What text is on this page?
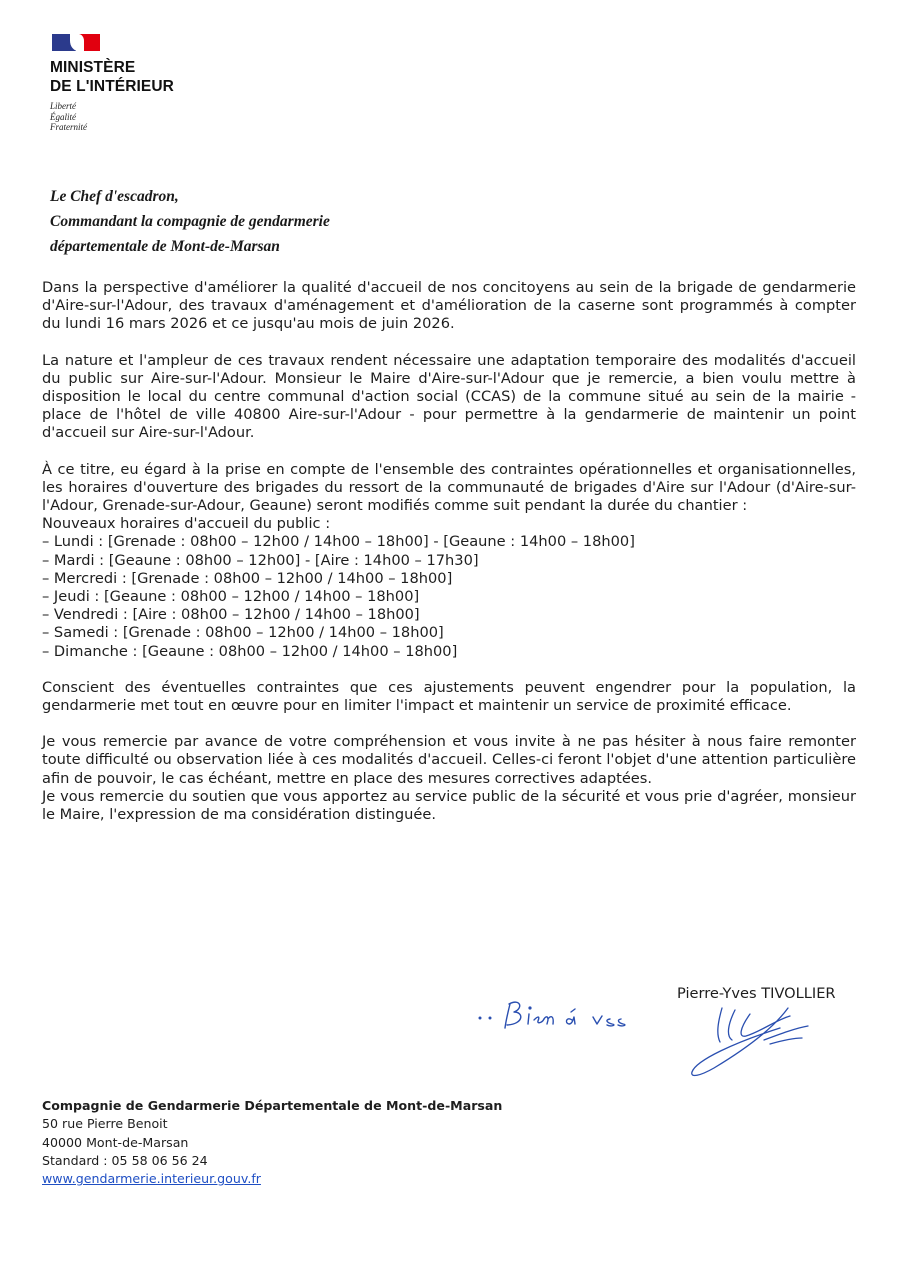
MINISTÈRE
DE L'INTÉRIEUR
Liberté
Égalité
Fraternité
Le Chef d'escadron,
Commandant la compagnie de gendarmerie
départementale de Mont-de-Marsan

Dans la perspective d'améliorer la qualité d'accueil de nos concitoyens au sein de la brigade de gendarmerie d'Aire-sur-l'Adour, des travaux d'aménagement et d'amélioration de la caserne sont programmés à compter du lundi 16 mars 2026 et ce jusqu'au mois de juin 2026.

La nature et l'ampleur de ces travaux rendent nécessaire une adaptation temporaire des modalités d'accueil du public sur Aire-sur-l'Adour. Monsieur le Maire d'Aire-sur-l'Adour que je remercie, a bien voulu mettre à disposition le local du centre communal d'action social (CCAS) de la commune situé au sein de la mairie - place de l'hôtel de ville 40800 Aire-sur-l'Adour - pour permettre à la gendarmerie de maintenir un point d'accueil sur Aire-sur-l'Adour.

À ce titre, eu égard à la prise en compte de l'ensemble des contraintes opérationnelles et organisationnelles, les horaires d'ouverture des brigades du ressort de la communauté de brigades d'Aire sur l'Adour (d'Aire-sur-l'Adour, Grenade-sur-Adour, Geaune) seront modifiés comme suit pendant la durée du chantier :

Nouveaux horaires d'accueil du public :

– Lundi : [Grenade : 08h00 – 12h00 / 14h00 – 18h00] - [Geaune : 14h00 – 18h00]

– Mardi : [Geaune : 08h00 – 12h00] - [Aire : 14h00 – 17h30]

– Mercredi : [Grenade : 08h00 – 12h00 / 14h00 – 18h00]

– Jeudi : [Geaune : 08h00 – 12h00 / 14h00 – 18h00]

– Vendredi : [Aire : 08h00 – 12h00 / 14h00 – 18h00]

– Samedi : [Grenade : 08h00 – 12h00 / 14h00 – 18h00]

– Dimanche : [Geaune : 08h00 – 12h00 / 14h00 – 18h00]

Conscient des éventuelles contraintes que ces ajustements peuvent engendrer pour la population, la gendarmerie met tout en œuvre pour en limiter l'impact et maintenir un service de proximité efficace.

Je vous remercie par avance de votre compréhension et vous invite à ne pas hésiter à nous faire remonter toute difficulté ou observation liée à ces modalités d'accueil. Celles-ci feront l'objet d'une attention particulière afin de pouvoir, le cas échéant, mettre en place des mesures correctives adaptées.

Je vous remercie du soutien que vous apportez au service public de la sécurité et vous prie d'agréer, monsieur le Maire, l'expression de ma considération distinguée.

Pierre-Yves TIVOLLIER
Compagnie de Gendarmerie Départementale de Mont-de-Marsan
50 rue Pierre Benoit
40000 Mont-de-Marsan
Standard : 05 58 06 56 24
www.gendarmerie.interieur.gouv.fr
